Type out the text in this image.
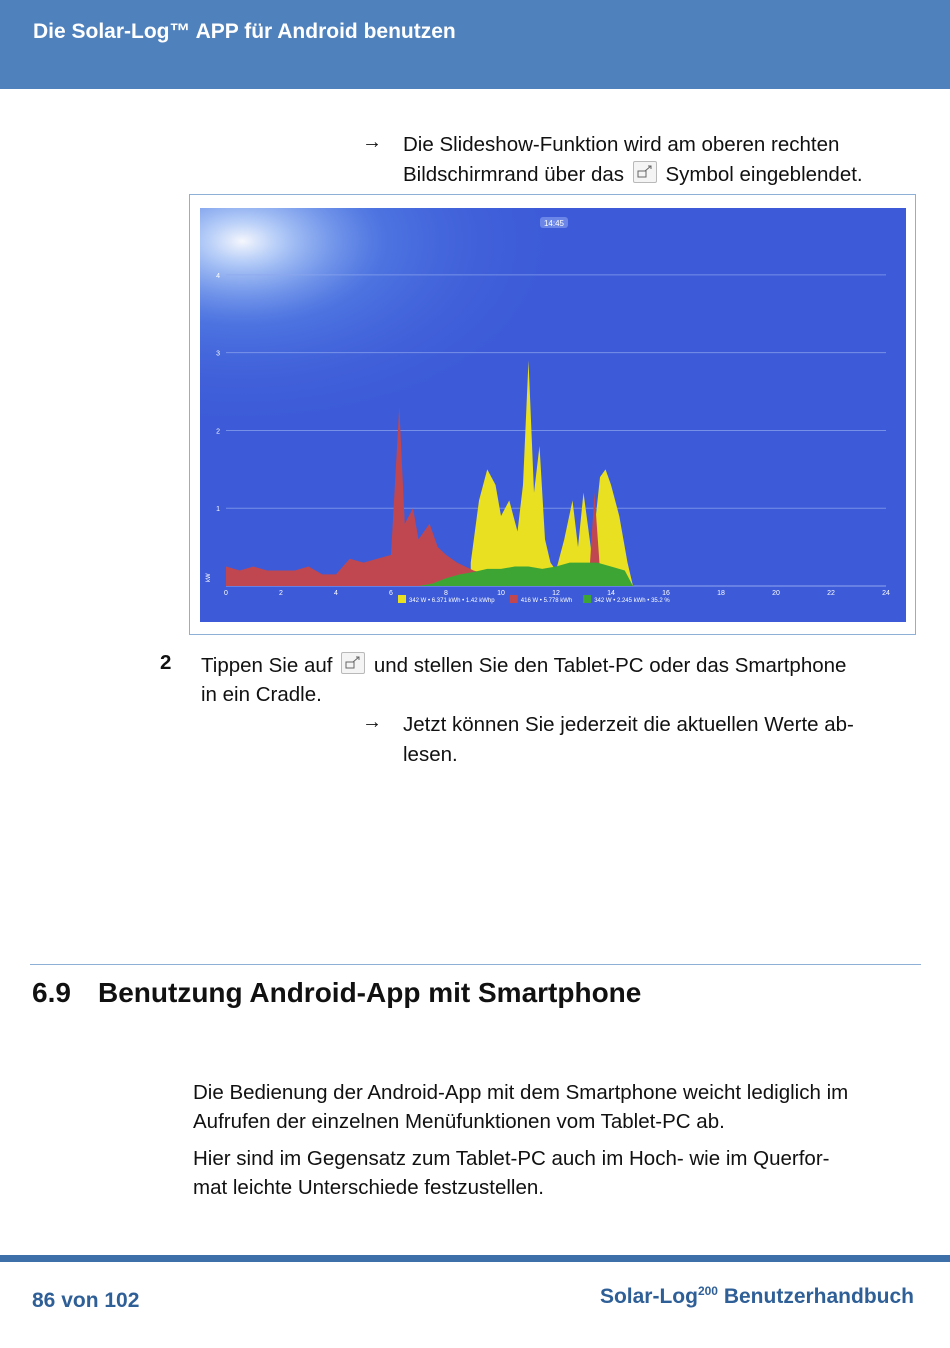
Die Solar-Log™ APP für Android benutzen
→ Die Slideshow-Funktion wird am oberen rechten
Bildschirmrand über das Symbol eingeblendet.
1
2
3
4
kW
0	2	4	6	8	10	12	14	16	18	20	22	24
14:45
342 W • 6.371 kWh • 1.42 kWhp	416 W • 5.778 kWh	342 W • 2.245 kWh • 35.2 %
2 Tippen Sie auf und stellen Sie den Tablet-PC oder das Smartphone
in ein Cradle.
→ Jetzt können Sie jederzeit die aktuellen Werte ab-
lesen.
6.9 Benutzung Android-App mit Smartphone
Die Bedienung der Android-App mit dem Smartphone weicht lediglich im
Aufrufen der einzelnen Menüfunktionen vom Tablet-PC ab.
Hier sind im Gegensatz zum Tablet-PC auch im Hoch- wie im Querfor-
mat leichte Unterschiede festzustellen.
86 von 102	Solar-Log$^{200}$ Benutzerhandbuch
